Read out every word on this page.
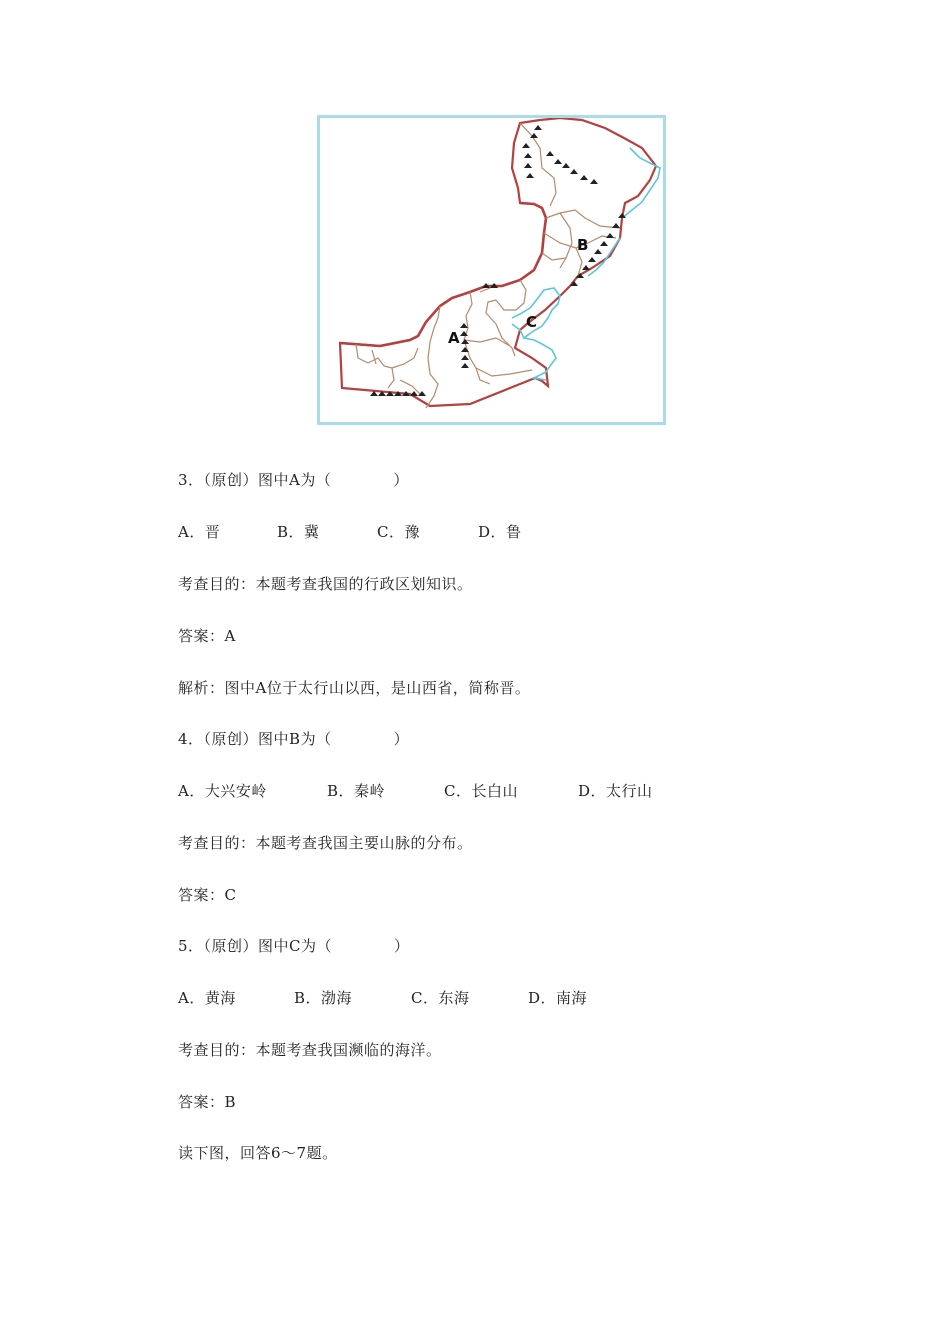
A
B
C
3．（原创）图中A为（　　　　）
A．晋	B．冀	C．豫	D．鲁
考查目的：本题考查我国的行政区划知识。
答案：A
解析：图中A位于太行山以西，是山西省，简称晋。
4．（原创）图中B为（　　　　）
A．大兴安岭	B．秦岭	C．长白山	D．太行山
考查目的：本题考查我国主要山脉的分布。
答案：C
5．（原创）图中C为（　　　　）
A．黄海	B．渤海	C．东海	D．南海
考查目的：本题考查我国濒临的海洋。
答案：B
读下图，回答6～7题。
